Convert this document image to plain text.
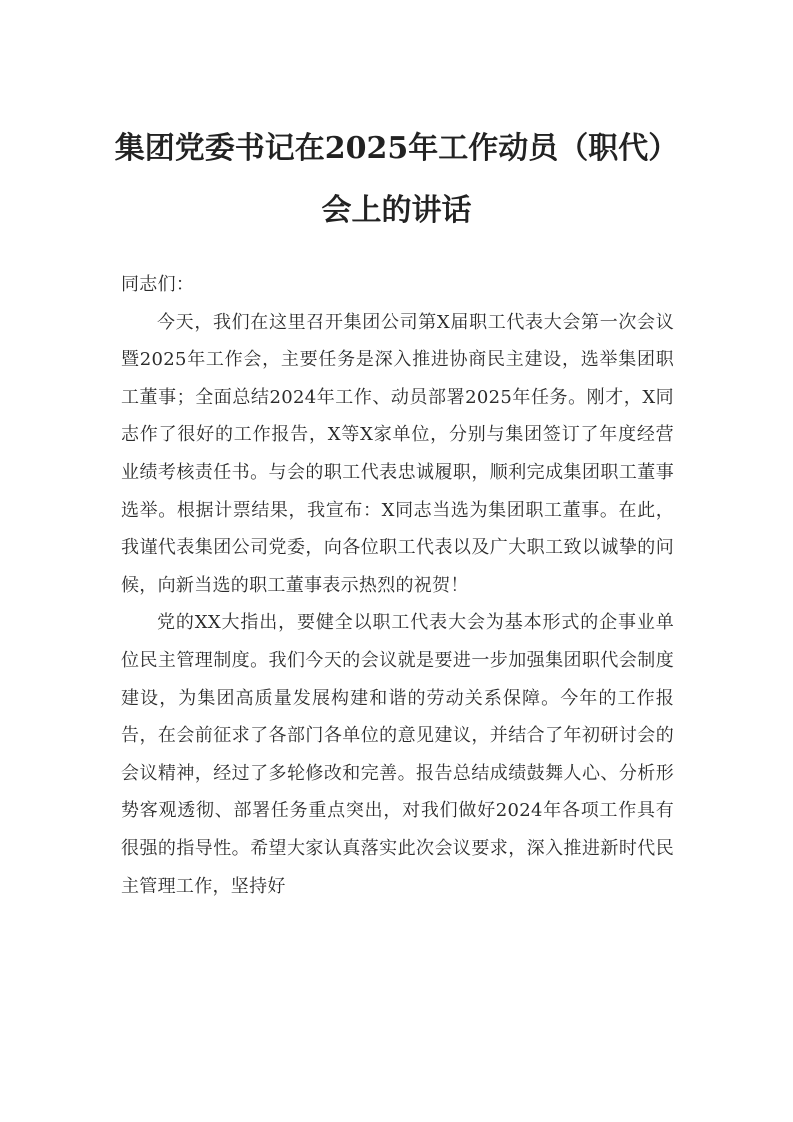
集团党委书记在2025年工作动员（职代）会上的讲话

同志们：

今天，我们在这里召开集团公司第X届职工代表大会第一次会议暨2025年工作会，主要任务是深入推进协商民主建设，选举集团职工董事；全面总结2024年工作、动员部署2025年任务。刚才，X同志作了很好的工作报告，X等X家单位，分别与集团签订了年度经营业绩考核责任书。与会的职工代表忠诚履职，顺利完成集团职工董事选举。根据计票结果，我宣布：X同志当选为集团职工董事。在此，我谨代表集团公司党委，向各位职工代表以及广大职工致以诚挚的问候，向新当选的职工董事表示热烈的祝贺！

党的XX大指出，要健全以职工代表大会为基本形式的企事业单位民主管理制度。我们今天的会议就是要进一步加强集团职代会制度建设，为集团高质量发展构建和谐的劳动关系保障。今年的工作报告，在会前征求了各部门各单位的意见建议，并结合了年初研讨会的会议精神，经过了多轮修改和完善。报告总结成绩鼓舞人心、分析形势客观透彻、部署任务重点突出，对我们做好2024年各项工作具有很强的指导性。希望大家认真落实此次会议要求，深入推进新时代民主管理工作，坚持好
